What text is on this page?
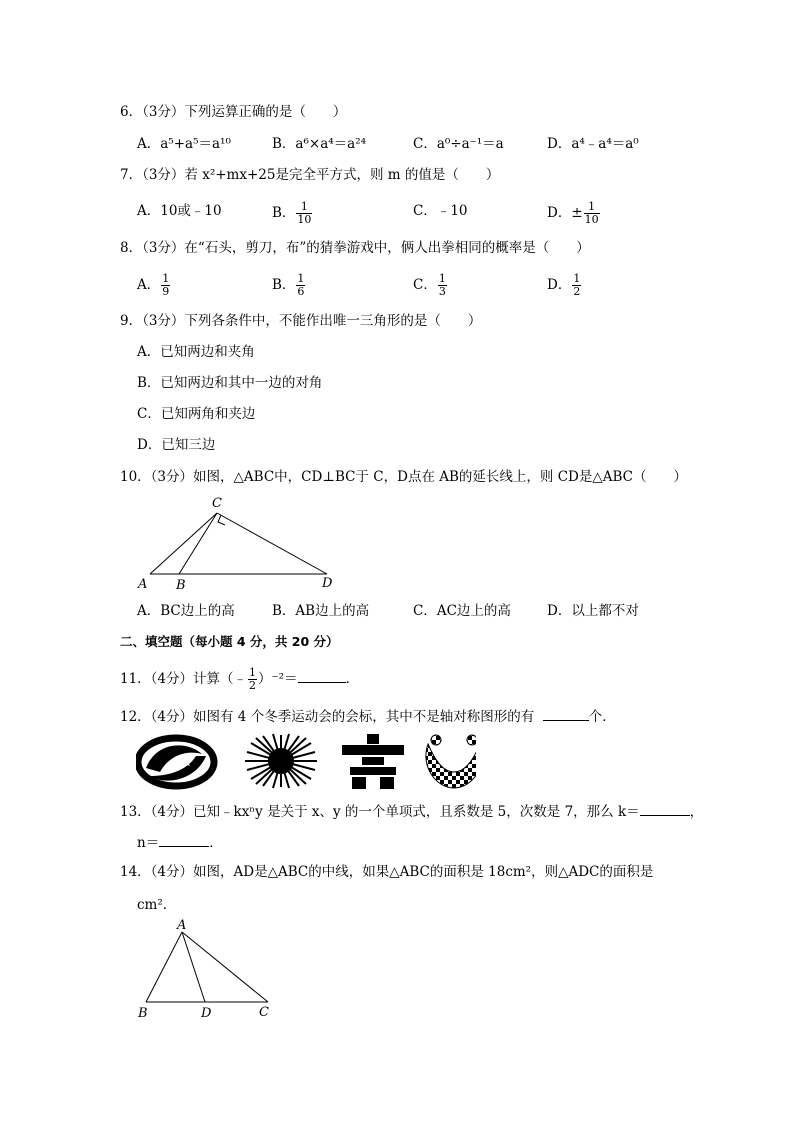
6．（3分）下列运算正确的是（　　）
A．a⁵+a⁵＝a¹⁰	B．a⁶×a⁴＝a²⁴	C．a⁰÷a⁻¹＝a	D．a⁴﹣a⁴＝a⁰
7．（3分）若 x²+mx+25是完全平方式，则 m 的值是（　　）
A．10或﹣10	B． $\frac{1}{10}$	C．﹣10	D．± $\frac{1}{10}$
8．（3分）在“石头，剪刀，布”的猜拳游戏中，俩人出拳相同的概率是（　　）
A． $\frac{1}{9}$	B． $\frac{1}{6}$	C． $\frac{1}{3}$	D． $\frac{1}{2}$
9．（3分）下列各条件中，不能作出唯一三角形的是（　　）
A．已知两边和夹角
B．已知两边和其中一边的对角
C．已知两角和夹边
D．已知三边
10．（3分）如图，△ABC中，CD⊥BC于 C，D点在 AB的延长线上，则 CD是△ABC（　　）
C
A B	D
A．BC边上的高	B．AB边上的高	C．AC边上的高	D．以上都不对
二、填空题（每小题 4 分，共 20 分）
11．（4分）计算（﹣ $\frac{1}{2} )^{-2}=$	．
12．（4分）如图有 4 个冬季运动会的会标，其中不是轴对称图形的有	个．
13．（4分）已知﹣kxⁿy 是关于 x、y 的一个单项式，且系数是 5，次数是 7，那么 k＝	，
n＝	．
14．（4分）如图，AD是△ABC的中线，如果△ABC的面积是 18cm²，则△ADC的面积是
cm²．
A
B	D	C
